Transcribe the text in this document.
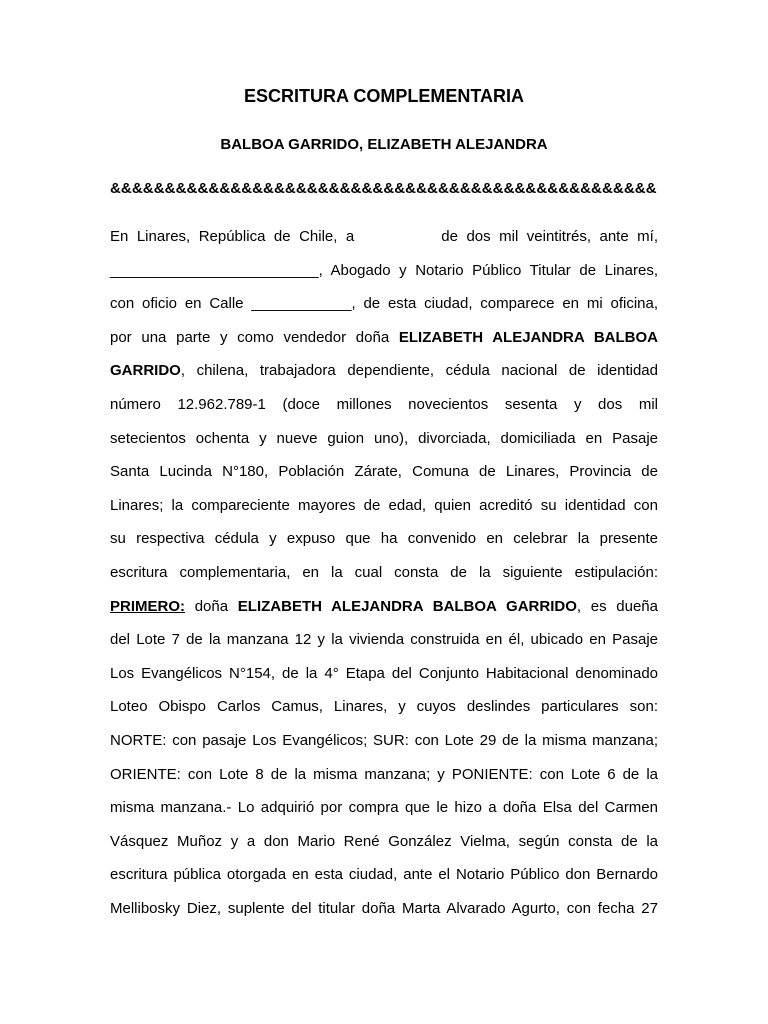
ESCRITURA COMPLEMENTARIA
BALBOA GARRIDO, ELIZABETH ALEJANDRA
&&&&&&&&&&&&&&&&&&&&&&&&&&&&&&&&&&&&&&&&&&&&&&&&&&
En Linares, República de Chile, a	de dos mil veintitrés, ante mí,
_________________________, Abogado y Notario Público Titular de Linares,
con oficio en Calle ____________, de esta ciudad, comparece en mi oficina,
por una parte y como vendedor doña ELIZABETH ALEJANDRA BALBOA
GARRIDO, chilena, trabajadora dependiente, cédula nacional de identidad
número 12.962.789-1 (doce millones novecientos sesenta y dos mil
setecientos ochenta y nueve guion uno), divorciada, domiciliada en Pasaje
Santa Lucinda N°180, Población Zárate, Comuna de Linares, Provincia de
Linares; la compareciente mayores de edad, quien acreditó su identidad con
su respectiva cédula y expuso que ha convenido en celebrar la presente
escritura complementaria, en la cual consta de la siguiente estipulación:
PRIMERO: doña ELIZABETH ALEJANDRA BALBOA GARRIDO, es dueña
del Lote 7 de la manzana 12 y la vivienda construida en él, ubicado en Pasaje
Los Evangélicos N°154, de la 4° Etapa del Conjunto Habitacional denominado
Loteo Obispo Carlos Camus, Linares, y cuyos deslindes particulares son:
NORTE: con pasaje Los Evangélicos; SUR: con Lote 29 de la misma manzana;
ORIENTE: con Lote 8 de la misma manzana; y PONIENTE: con Lote 6 de la
misma manzana.- Lo adquirió por compra que le hizo a doña Elsa del Carmen
Vásquez Muñoz y a don Mario René González Vielma, según consta de la
escritura pública otorgada en esta ciudad, ante el Notario Público don Bernardo
Mellibosky Diez, suplente del titular doña Marta Alvarado Agurto, con fecha 27
